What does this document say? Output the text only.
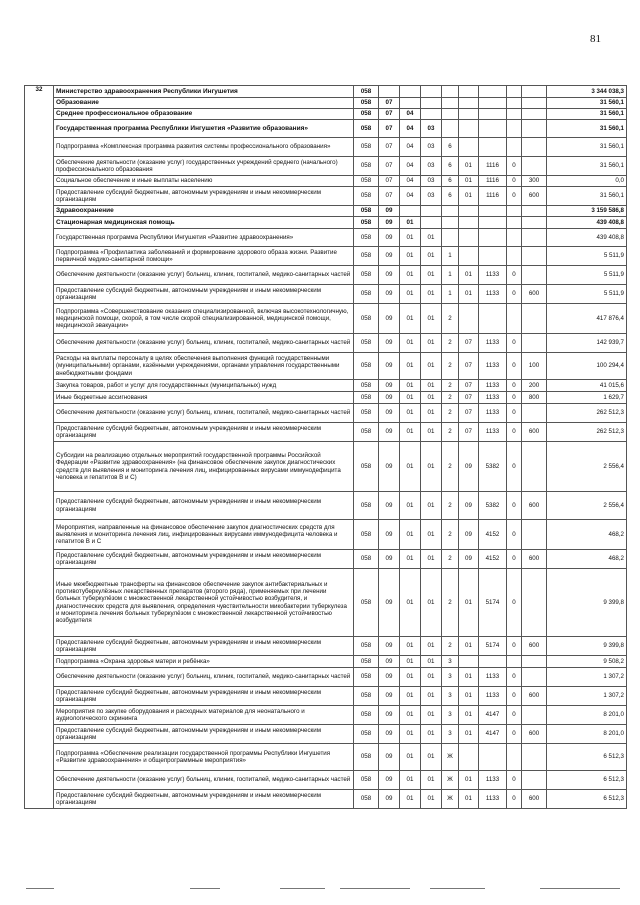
81
32	Министерство здравоохранения Республики Ингушетия	058									3 344 038,3
	Образование	058	07								31 560,1
	Среднее профессиональное образование	058	07	04							31 560,1
	Государственная программа Республики Ингушетия «Развитие образования»	058	07	04	03						31 560,1
	Подпрограмма «Комплексная программа развития системы профессионального образования»	058	07	04	03	6					31 560,1
	Обеспечение деятельности (оказание услуг) государственных учреждений среднего (начального) профессионального образования	058	07	04	03	6	01	1116	0		31 560,1
	Социальное обеспечение и иные выплаты населению	058	07	04	03	6	01	1116	0	300	0,0
	Предоставление субсидий бюджетным, автономным учреждениям и иным некоммерческим организациям	058	07	04	03	6	01	1116	0	600	31 560,1
	Здравоохранение	058	09								3 159 586,8
	Стационарная медицинская помощь	058	09	01							439 408,8
	Государственная программа Республики Ингушетия «Развитие здравоохранения»	058	09	01	01						439 408,8
	Подпрограмма «Профилактика заболеваний и формирование здорового образа жизни. Развитие первичной медико-санитарной помощи»	058	09	01	01	1					5 511,9
	Обеспечение деятельности (оказание услуг) больниц, клиник, госпиталей, медико-санитарных частей	058	09	01	01	1	01	1133	0		5 511,9
	Предоставление субсидий бюджетным, автономным учреждениям и иным некоммерческим организациям	058	09	01	01	1	01	1133	0	600	5 511,9
	Подпрограмма «Совершенствование оказания специализированной, включая высокотехнологичную, медицинской помощи, скорой, в том числе скорой специализированной, медицинской помощи, медицинской эвакуации»	058	09	01	01	2					417 876,4
	Обеспечение деятельности (оказание услуг) больниц, клиник, госпиталей, медико-санитарных частей	058	09	01	01	2	07	1133	0		142 939,7
	Расходы на выплаты персоналу в целях обеспечения выполнения функций государственными (муниципальными) органами, казёнными учреждениями, органами управления государственными внебюджетными фондами	058	09	01	01	2	07	1133	0	100	100 294,4
	Закупка товаров, работ и услуг для государственных (муниципальных) нужд	058	09	01	01	2	07	1133	0	200	41 015,6
	Иные бюджетные ассигнования	058	09	01	01	2	07	1133	0	800	1 629,7
	Обеспечение деятельности (оказание услуг) больниц, клиник, госпиталей, медико-санитарных частей	058	09	01	01	2	07	1133	0		262 512,3
	Предоставление субсидий бюджетным, автономным учреждениям и иным некоммерческим организациям	058	09	01	01	2	07	1133	0	600	262 512,3
	Субсидии на реализацию отдельных мероприятий государственной программы Российской Федерации «Развитие здравоохранения» (на финансовое обеспечение закупок диагностических средств для выявления и мониторинга лечения лиц, инфицированных вирусами иммунодефицита человека и гепатитов В и С)	058	09	01	01	2	09	5382	0		2 556,4
	Предоставление субсидий бюджетным, автономным учреждениям и иным некоммерческим организациям	058	09	01	01	2	09	5382	0	600	2 556,4
	Мероприятия, направленные на финансовое обеспечение закупок диагностических средств для выявления и мониторинга лечения лиц, инфицированных вирусами иммунодефицита человека и гепатитов В и С	058	09	01	01	2	09	4152	0		468,2
	Предоставление субсидий бюджетным, автономным учреждениям и иным некоммерческим организациям	058	09	01	01	2	09	4152	0	600	468,2
	Иные межбюджетные трансферты на финансовое обеспечение закупок антибактериальных и противотуберкулёзных лекарственных препаратов (второго ряда), применяемых при лечении больных туберкулёзом с множественной лекарственной устойчивостью возбудителя, и диагностических средств для выявления, определения чувствительности микобактерии туберкулеза и мониторинга лечения больных туберкулёзом с множественной лекарственной устойчивостью возбудителя	058	09	01	01	2	01	5174	0		9 399,8
	Предоставление субсидий бюджетным, автономным учреждениям и иным некоммерческим организациям	058	09	01	01	2	01	5174	0	600	9 399,8
	Подпрограмма «Охрана здоровья матери и ребёнка»	058	09	01	01	3					9 508,2
	Обеспечение деятельности (оказание услуг) больниц, клиник, госпиталей, медико-санитарных частей	058	09	01	01	3	01	1133	0		1 307,2
	Предоставление субсидий бюджетным, автономным учреждениям и иным некоммерческим организациям	058	09	01	01	3	01	1133	0	600	1 307,2
	Мероприятия по закупке оборудования и расходных материалов для неонатального и аудиологического скрининга	058	09	01	01	3	01	4147	0		8 201,0
	Предоставление субсидий бюджетным, автономным учреждениям и иным некоммерческим организациям	058	09	01	01	3	01	4147	0	600	8 201,0
	Подпрограмма «Обеспечение реализации государственной программы Республики Ингушетия «Развитие здравоохранения» и общепрограммные мероприятия»	058	09	01	01	Ж					6 512,3
	Обеспечение деятельности (оказание услуг) больниц, клиник, госпиталей, медико-санитарных частей	058	09	01	01	Ж	01	1133	0		6 512,3
	Предоставление субсидий бюджетным, автономным учреждениям и иным некоммерческим организациям	058	09	01	01	Ж	01	1133	0	600	6 512,3
